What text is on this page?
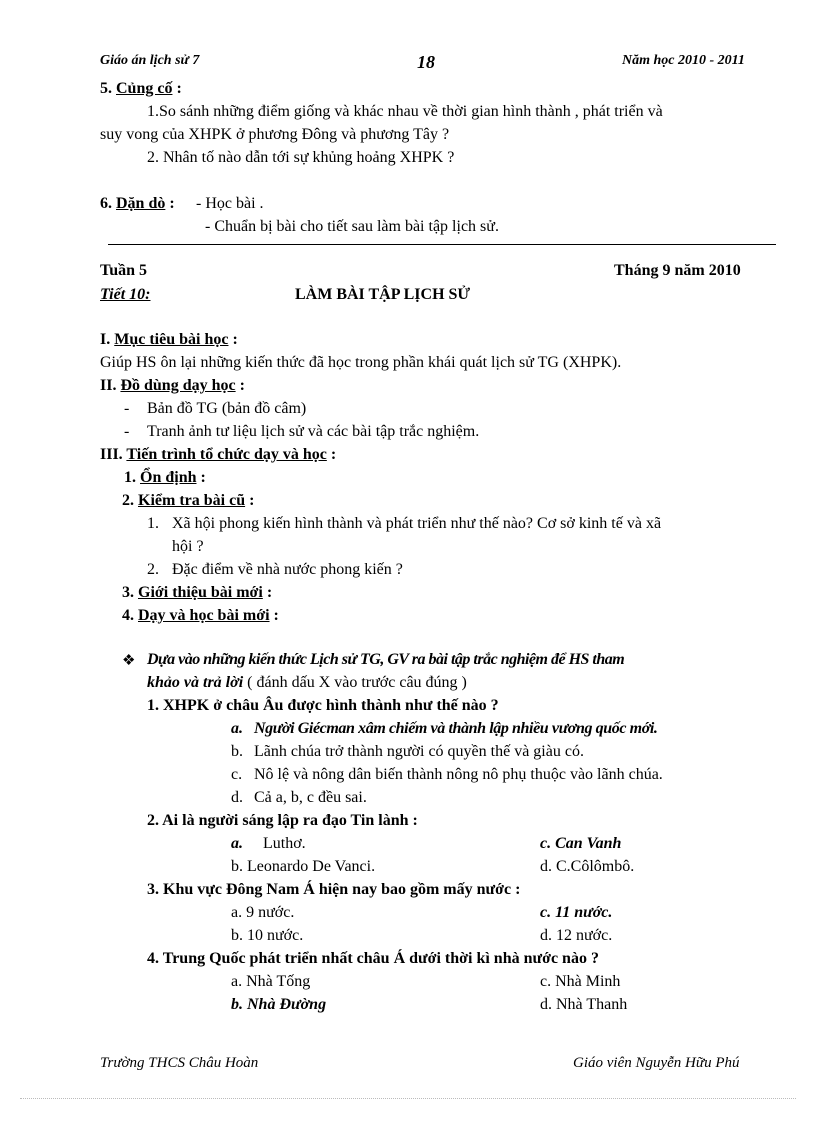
Giáo án lịch sử 7	18	Năm học 2010 - 2011
5. Củng cố :
1.So sánh những điểm giống và khác nhau về thời gian hình thành , phát triển và
suy vong của XHPK ở phương Đông và phương Tây ?
2. Nhân tố nào dẫn tới sự khủng hoảng XHPK ?
6. Dặn dò : - Học bài .
- Chuẩn bị bài cho tiết sau làm bài tập lịch sử.
Tuần 5	Tháng 9 năm 2010
Tiết 10:	LÀM BÀI TẬP LỊCH SỬ
I. Mục tiêu bài học :
Giúp HS ôn lại những kiến thức đã học trong phần khái quát lịch sử TG (XHPK).
II. Đồ dùng dạy học :
- Bản đồ TG (bản đồ câm)
- Tranh ảnh tư liệu lịch sử và các bài tập trắc nghiệm.
III. Tiến trình tổ chức dạy và học :
1. Ổn định :
2. Kiểm tra bài cũ :
1. Xã hội phong kiến hình thành và phát triển như thế nào? Cơ sở kinh tế và xã
hội ?
2. Đặc điểm về nhà nước phong kiến ?
3. Giới thiệu bài mới :
4. Dạy và học bài mới :
❖ Dựa vào những kiến thức Lịch sử TG, GV ra bài tập trắc nghiệm để HS tham
khảo và trả lời ( đánh dấu X vào trước câu đúng )
1. XHPK ở châu Âu được hình thành như thế nào ?
a. Người Giécman xâm chiếm và thành lập nhiều vương quốc mới.
b. Lãnh chúa trở thành người có quyền thế và giàu có.
c. Nô lệ và nông dân biến thành nông nô phụ thuộc vào lãnh chúa.
d. Cả a, b, c đều sai.
2. Ai là người sáng lập ra đạo Tin lành :
a. Luthơ.	c. Can Vanh
b. Leonardo De Vanci.	d. C.Côlômbô.
3. Khu vực Đông Nam Á hiện nay bao gồm mấy nước :
a. 9 nước.	c. 11 nước.
b. 10 nước.	d. 12 nước.
4. Trung Quốc phát triển nhất châu Á dưới thời kì nhà nước nào ?
a. Nhà Tống	c. Nhà Minh
b. Nhà Đường	d. Nhà Thanh
Trường THCS Châu Hoàn	Giáo viên Nguyễn Hữu Phú
